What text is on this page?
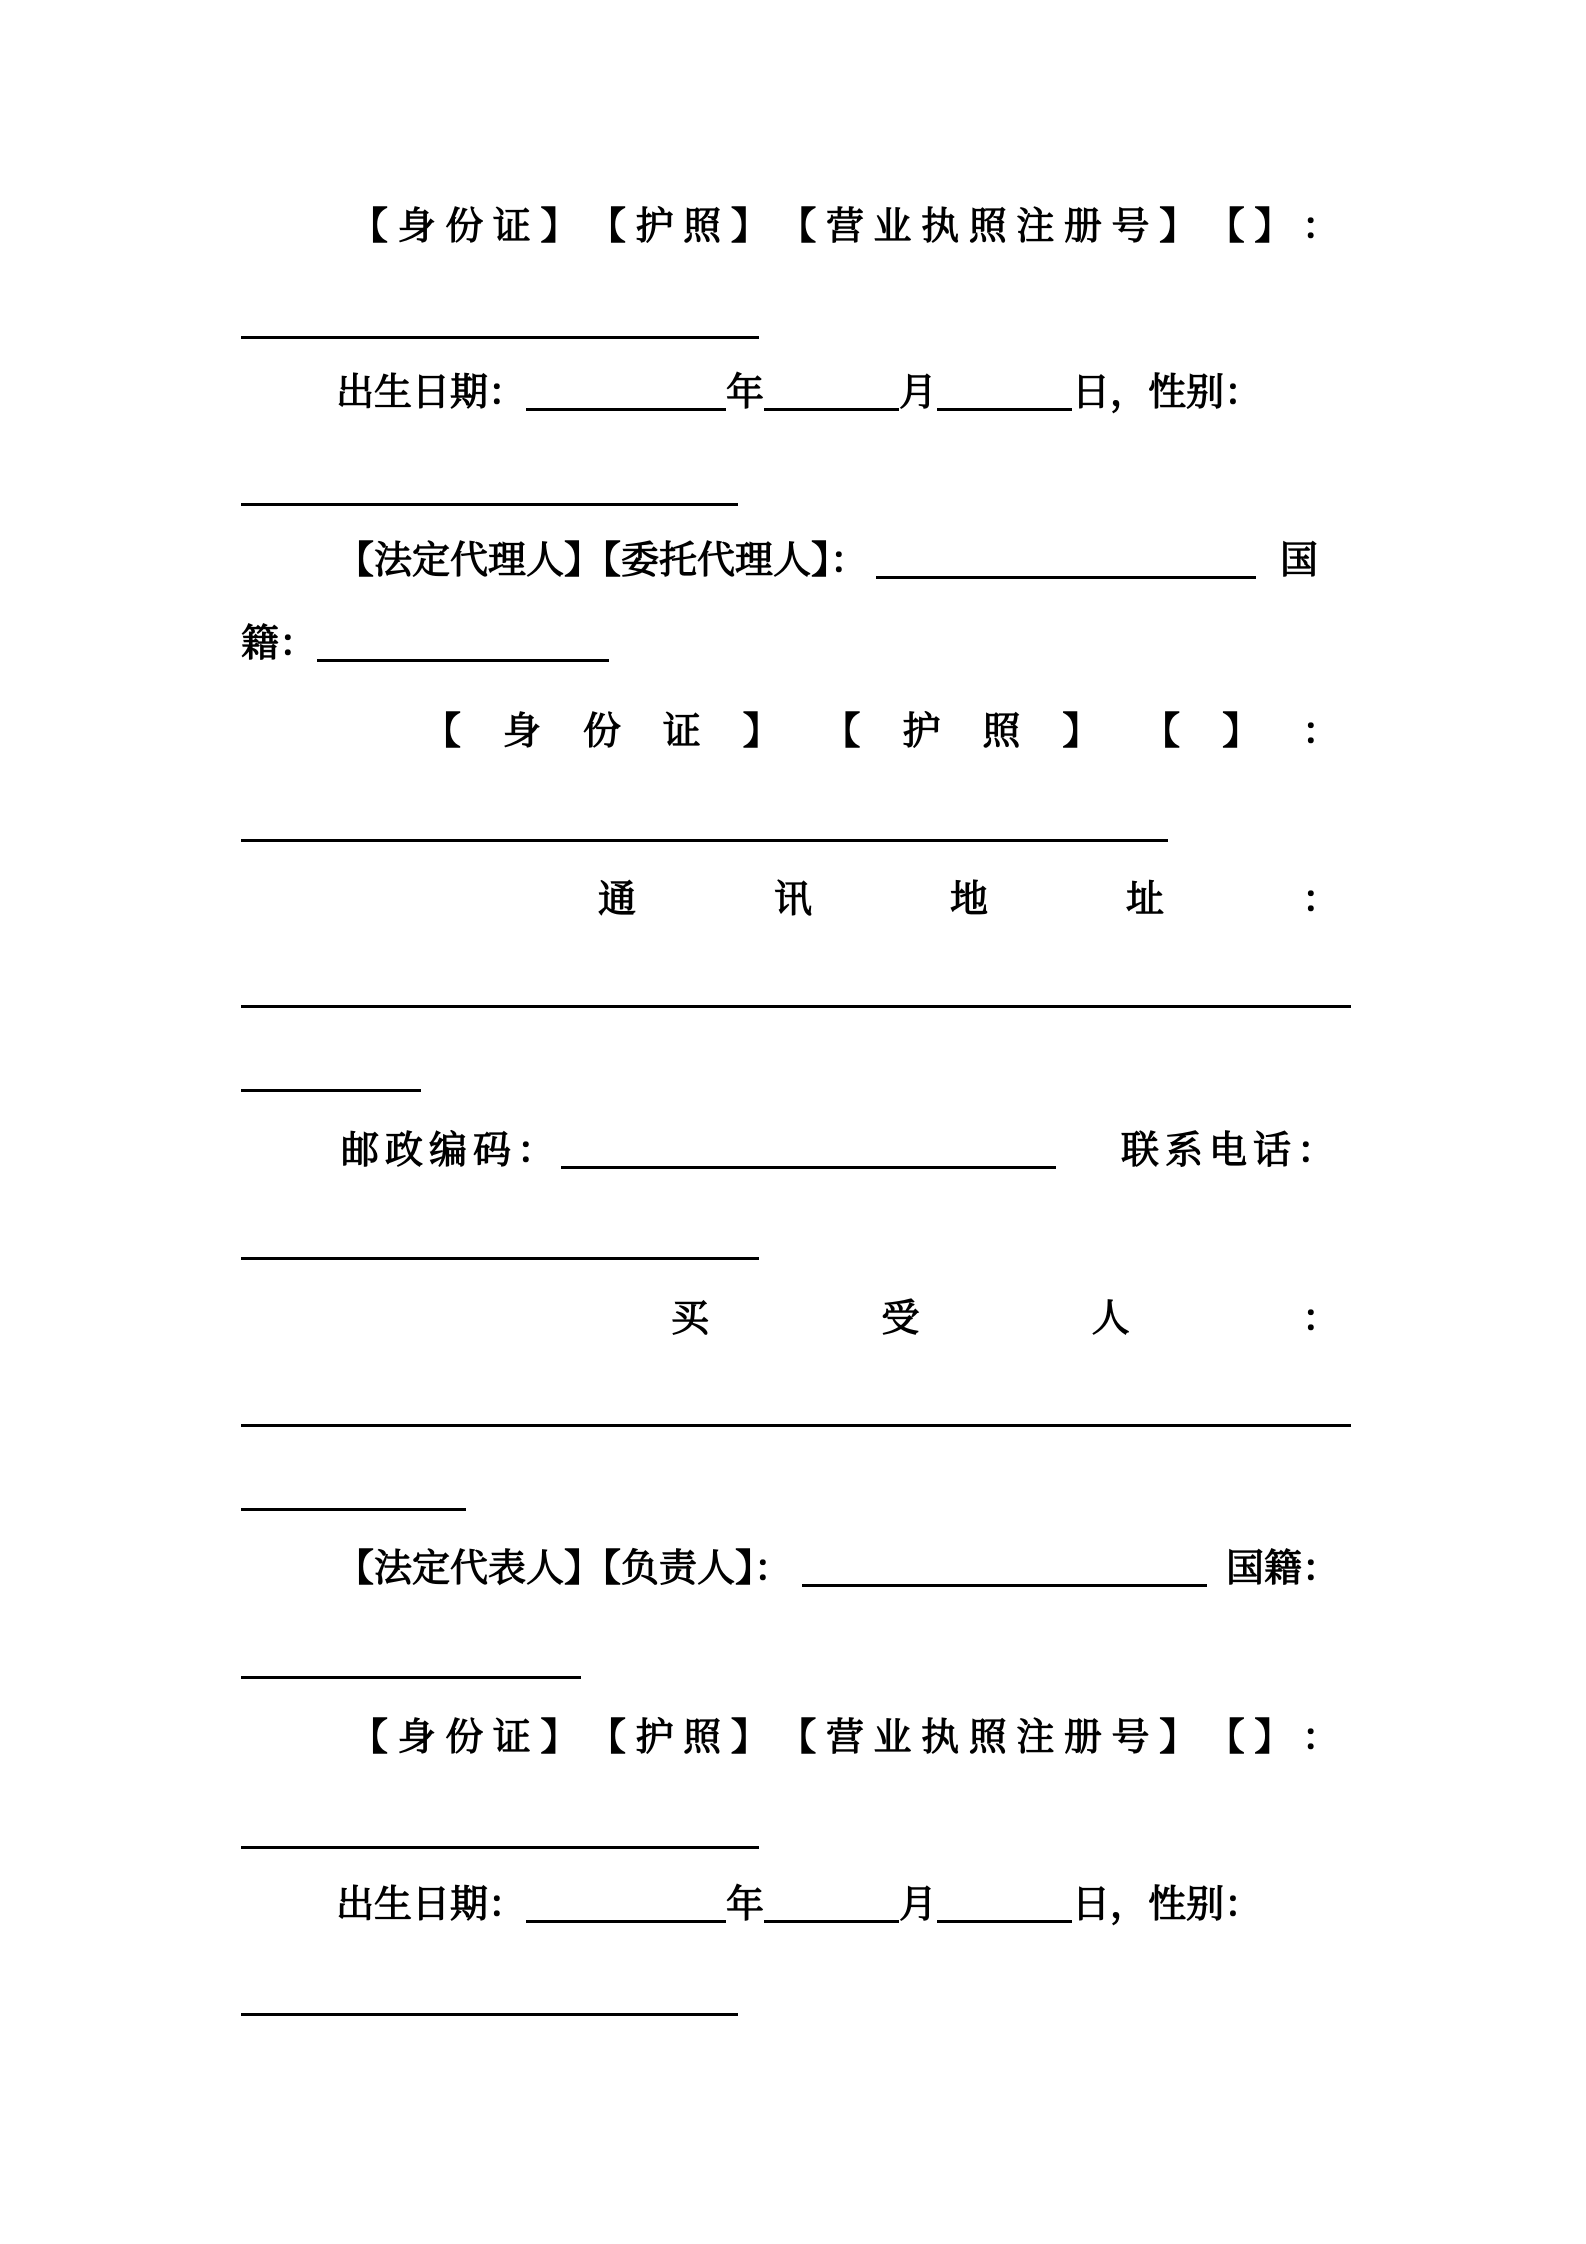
【 身 份 证 】 【 护 照 】 【 营 业 执 照 注 册 号 】 【 】 ：
出生日期：	年	月	日，性别：
【法定代理人】【委托代理人】：	国
籍：
【 身 份 证 】 【 护 照 】 【 】 ：
通	讯	地	址	：
邮政编码：	联系电话：
买	受	人	：
【法定代表人】【负责人】：	国籍：
【 身 份 证 】 【 护 照 】 【 营 业 执 照 注 册 号 】 【 】 ：
出生日期：	年	月	日，性别：
